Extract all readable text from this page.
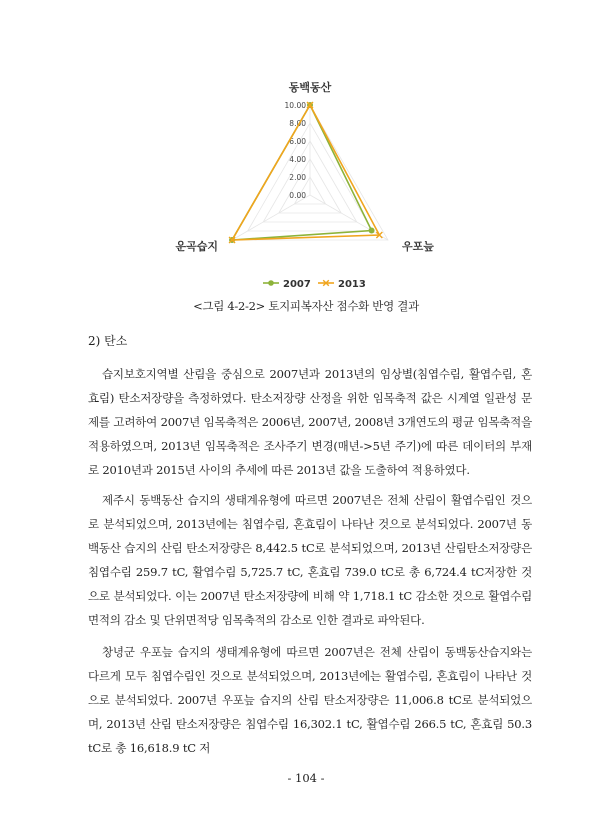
0.00
2.00
4.00
6.00
8.00
10.00
동백동산
우포늪
운곡습지
2007	2013
<그림 4-2-2> 토지피복자산 점수화 반영 결과
2) 탄소

습지보호지역별 산림을 중심으로 2007년과 2013년의 임상별(침엽수림, 활엽수림, 혼효림) 탄소저장량을 측정하였다. 탄소저장량 산정을 위한 임목축적 값은 시계열 일관성 문제를 고려하여 2007년 임목축적은 2006년, 2007년, 2008년 3개연도의 평균 임목축적을 적용하였으며, 2013년 임목축적은 조사주기 변경(매년->5년 주기)에 따른 데이터의 부재로 2010년과 2015년 사이의 추세에 따른 2013년 값을 도출하여 적용하였다.

제주시 동백동산 습지의 생태계유형에 따르면 2007년은 전체 산림이 활엽수림인 것으로 분석되었으며, 2013년에는 침엽수림, 혼효림이 나타난 것으로 분석되었다. 2007년 동백동산 습지의 산림 탄소저장량은 8,442.5 tC로 분석되었으며, 2013년 산림탄소저장량은 침엽수림 259.7 tC, 활엽수림 5,725.7 tC, 혼효림 739.0 tC로 총 6,724.4 tC저장한 것으로 분석되었다. 이는 2007년 탄소저장량에 비해 약 1,718.1 tC 감소한 것으로 활엽수림 면적의 감소 및 단위면적당 임목축적의 감소로 인한 결과로 파악된다.

창녕군 우포늪 습지의 생태계유형에 따르면 2007년은 전체 산림이 동백동산습지와는 다르게 모두 침엽수림인 것으로 분석되었으며, 2013년에는 활엽수림, 혼효림이 나타난 것으로 분석되었다. 2007년 우포늪 습지의 산림 탄소저장량은 11,006.8 tC로 분석되었으며, 2013년 산림 탄소저장량은 침엽수림 16,302.1 tC, 활엽수림 266.5 tC, 혼효림 50.3 tC로 총 16,618.9 tC 저

- 104 -
